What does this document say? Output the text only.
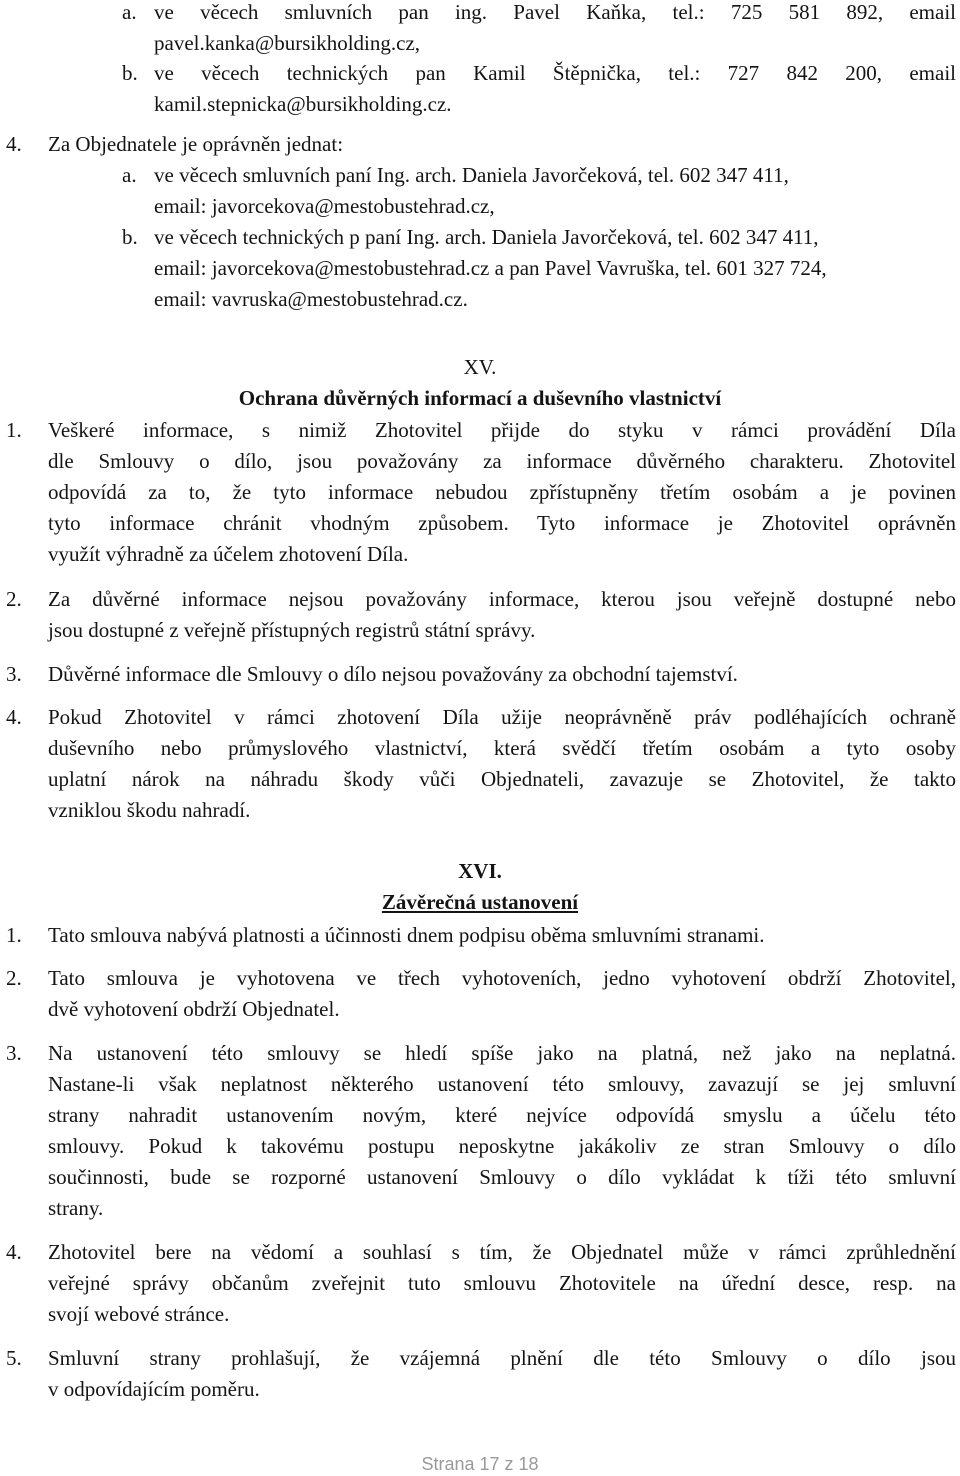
a. ve věcech smluvních pan ing. Pavel Kaňka, tel.: 725 581 892, email
pavel.kanka@bursikholding.cz,
b. ve věcech technických pan Kamil Štěpnička, tel.: 727 842 200, email
kamil.stepnicka@bursikholding.cz.
4. Za Objednatele je oprávněn jednat:
a. ve věcech smluvních paní Ing. arch. Daniela Javorčeková, tel. 602 347 411,
email: javorcekova@mestobustehrad.cz,
b. ve věcech technických p paní Ing. arch. Daniela Javorčeková, tel. 602 347 411,
email: javorcekova@mestobustehrad.cz a pan Pavel Vavruška, tel. 601 327 724,
email: vavruska@mestobustehrad.cz.
XV.
Ochrana důvěrných informací a duševního vlastnictví
1. Veškeré informace, s nimiž Zhotovitel přijde do styku v rámci provádění Díla
dle Smlouvy o dílo, jsou považovány za informace důvěrného charakteru. Zhotovitel
odpovídá za to, že tyto informace nebudou zpřístupněny třetím osobám a je povinen
tyto informace chránit vhodným způsobem. Tyto informace je Zhotovitel oprávněn
využít výhradně za účelem zhotovení Díla.
2. Za důvěrné informace nejsou považovány informace, kterou jsou veřejně dostupné nebo
jsou dostupné z veřejně přístupných registrů státní správy.
3. Důvěrné informace dle Smlouvy o dílo nejsou považovány za obchodní tajemství.
4. Pokud Zhotovitel v rámci zhotovení Díla užije neoprávněně práv podléhajících ochraně
duševního nebo průmyslového vlastnictví, která svědčí třetím osobám a tyto osoby
uplatní nárok na náhradu škody vůči Objednateli, zavazuje se Zhotovitel, že takto
vzniklou škodu nahradí.
XVI.
Závěrečná ustanovení
1. Tato smlouva nabývá platnosti a účinnosti dnem podpisu oběma smluvními stranami.
2. Tato smlouva je vyhotovena ve třech vyhotoveních, jedno vyhotovení obdrží Zhotovitel,
dvě vyhotovení obdrží Objednatel.
3. Na ustanovení této smlouvy se hledí spíše jako na platná, než jako na neplatná.
Nastane-li však neplatnost některého ustanovení této smlouvy, zavazují se jej smluvní
strany nahradit ustanovením novým, které nejvíce odpovídá smyslu a účelu této
smlouvy. Pokud k takovému postupu neposkytne jakákoliv ze stran Smlouvy o dílo
součinnosti, bude se rozporné ustanovení Smlouvy o dílo vykládat k tíži této smluvní
strany.
4. Zhotovitel bere na vědomí a souhlasí s tím, že Objednatel může v rámci zprůhlednění
veřejné správy občanům zveřejnit tuto smlouvu Zhotovitele na úřední desce, resp. na
svojí webové stránce.
5. Smluvní strany prohlašují, že vzájemná plnění dle této Smlouvy o dílo jsou
v odpovídajícím poměru.
Strana 17 z 18
